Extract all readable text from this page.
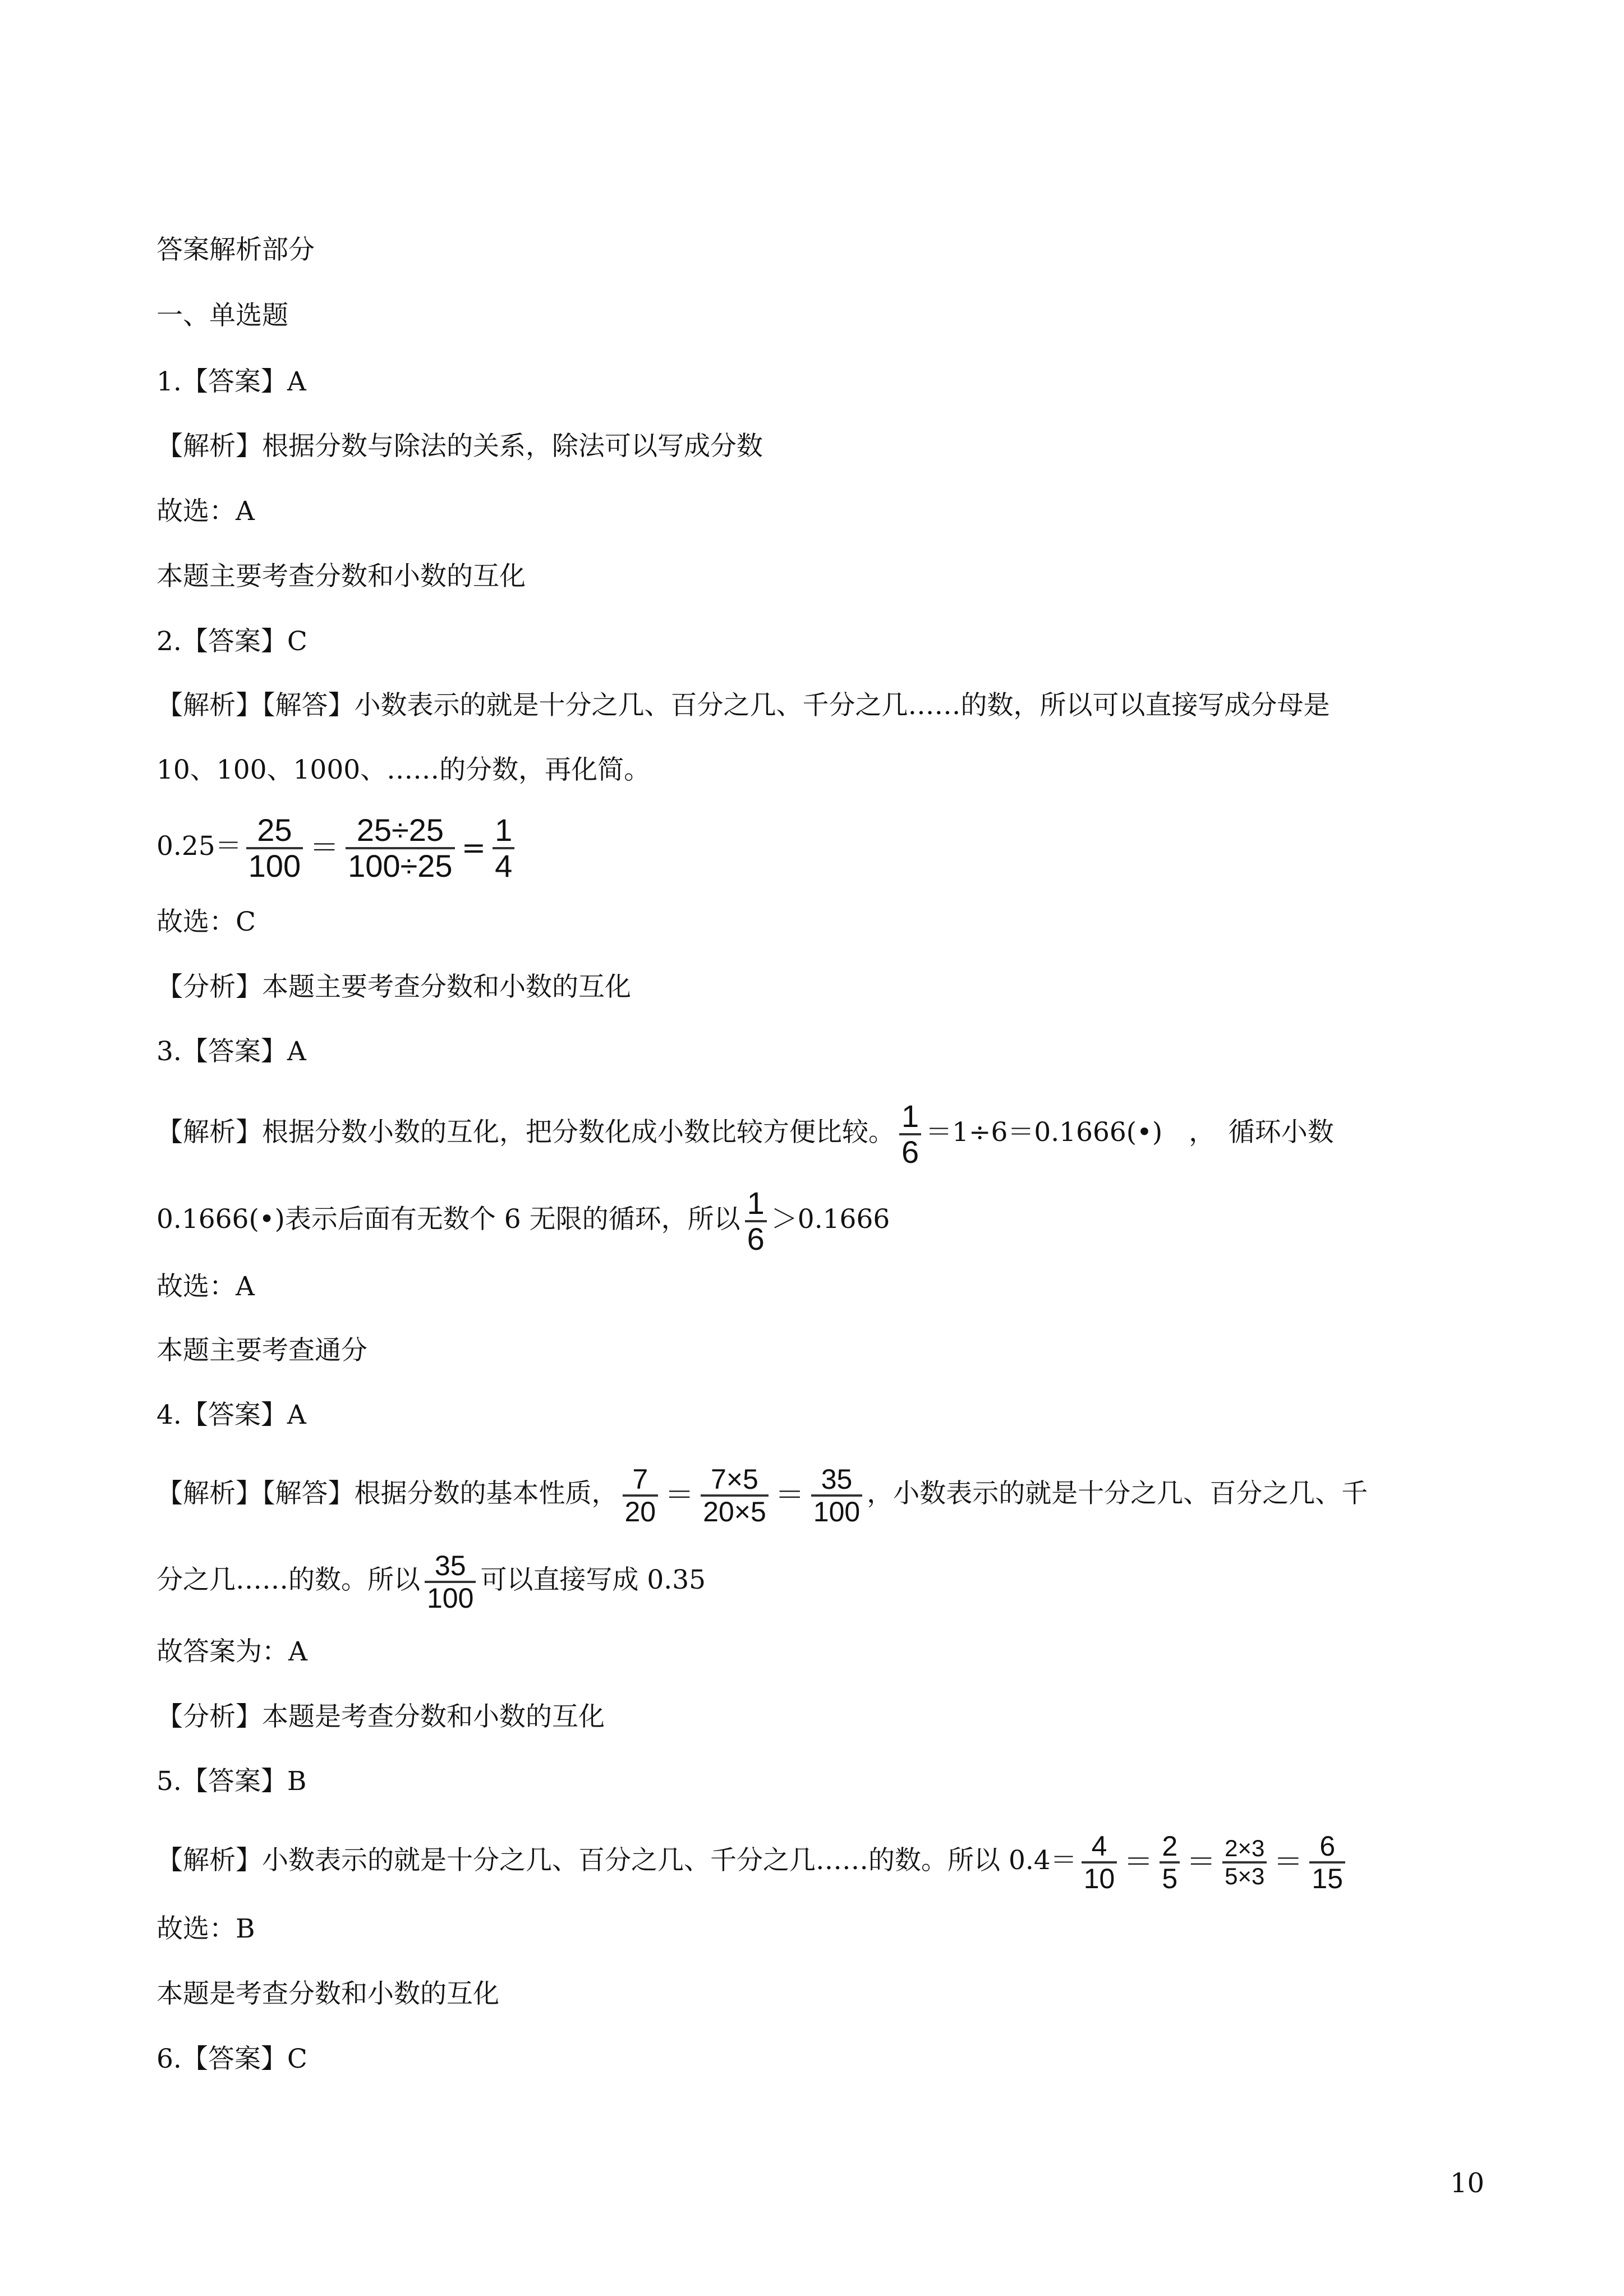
答案解析部分

一、单选题

1.【答案】A

【解析】根据分数与除法的关系，除法可以写成分数

故选：A

本题主要考查分数和小数的互化

2.【答案】C

【解析】【解答】小数表示的就是十分之几、百分之几、千分之几……的数，所以可以直接写成分母是

10、100、1000、……的分数，再化简。

$0.25= \frac{25}{100} = \frac{25\div 25}{100\div 25} = \frac{1}{4}$

故选：C

【分析】本题主要考查分数和小数的互化

3.【答案】A

【解析】根据分数小数的互化，把分数化成小数比较方便比较。 $\frac{1}{6}$ ＝1÷6＝0.1666(•)　，　循环小数

0.1666(•)表示后面有无数个 6 无限的循环，所以 $\frac{1}{6} >0.1666$

故选：A

本题主要考查通分

4.【答案】A

【解析】【解答】根据分数的基本性质， $\frac{7}{20} = \frac{7\times 5}{20\times 5} = \frac{35}{100}$ ，小数表示的就是十分之几、百分之几、千

分之几……的数。所以 $\frac{35}{100}$ 可以直接写成 0.35

故答案为：A

【分析】本题是考查分数和小数的互化

5.【答案】B

【解析】小数表示的就是十分之几、百分之几、千分之几……的数。所以 $0.4= \frac{4}{10} = \frac{2}{5} = \frac{2\times 3}{5\times 3} = \frac{6}{15}$

故选：B

本题是考查分数和小数的互化

6.【答案】C

10
